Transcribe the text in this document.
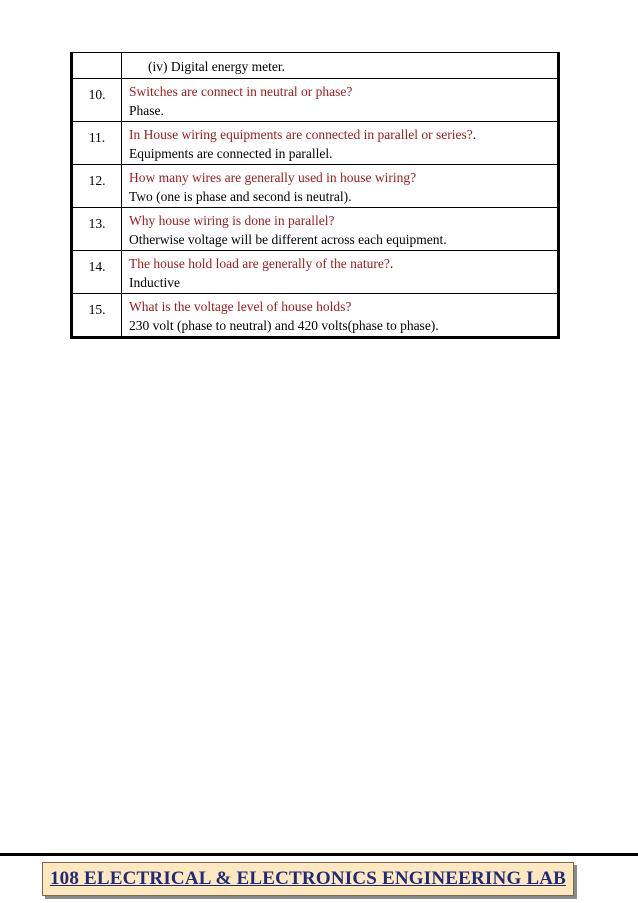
	(iv) Digital energy meter.

10.	Switches are connect in neutral or phase?
Phase.

11.	In House wiring equipments are connected in parallel or series?.
Equipments are connected in parallel.

12.	How many wires are generally used in house wiring?
Two (one is phase and second is neutral).

13.	Why house wiring is done in parallel?
Otherwise voltage will be different across each equipment.

14.	The house hold load are generally of the nature?.
Inductive

15.	What is the voltage level of house holds?
230 volt (phase to neutral) and 420 volts(phase to phase).
108 ELECTRICAL & ELECTRONICS ENGINEERING LAB
